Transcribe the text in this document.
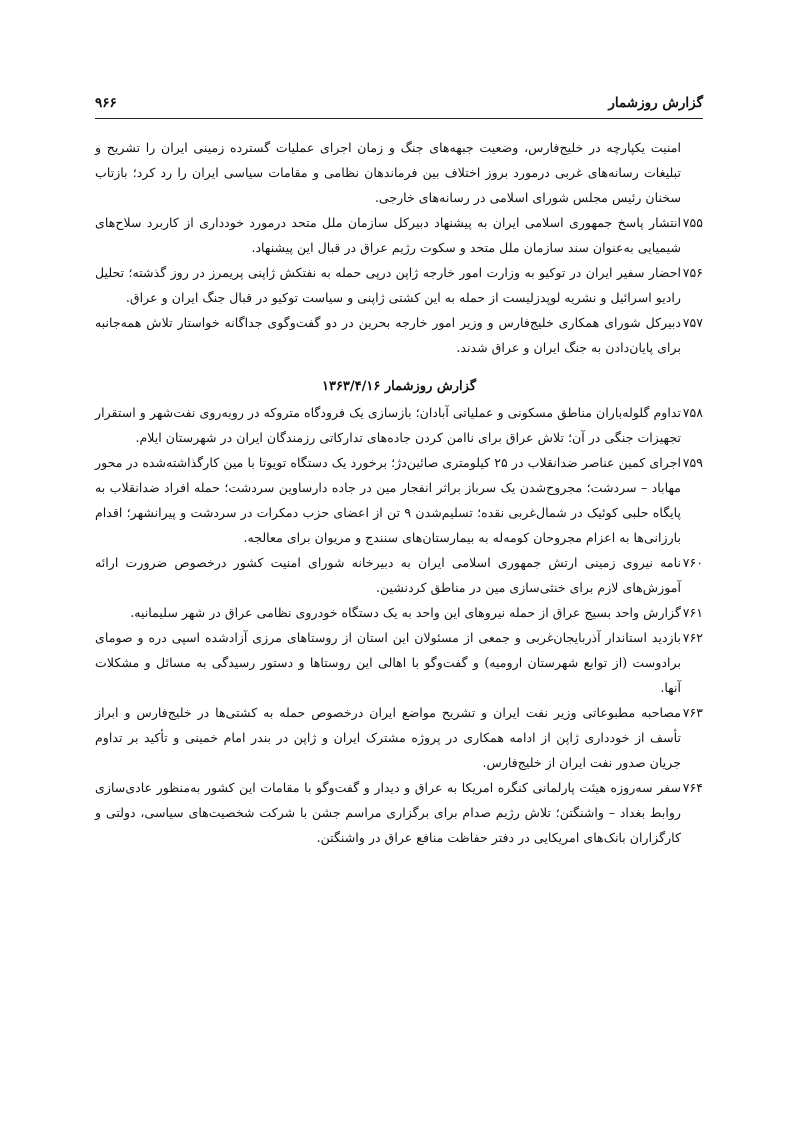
گزارش روزشمار
۹۶۶

امنیت یکپارچه در خلیج‌فارس، وضعیت جبهه‌های جنگ و زمان اجرای عملیات گسترده زمینی ایران را تشریح و تبلیغات رسانه‌های غربی درمورد بروز اختلاف بین فرماندهان نظامی و مقامات سیاسی ایران را رد کرد؛ بازتاب سخنان رئیس مجلس شورای اسلامی در رسانه‌های خارجی.

۷۵۵
انتشار پاسخ جمهوری اسلامی ایران به پیشنهاد دبیرکل سازمان ملل متحد درمورد خودداری از کاربرد سلاح‌های شیمیایی به‌عنوان سند سازمان ملل متحد و سکوت رژیم عراق در قبال این پیشنهاد.
۷۵۶
احضار سفیر ایران در توکیو به وزارت امور خارجه ژاپن درپی حمله به نفتکش ژاپنی پریمرز در روز گذشته؛ تحلیل رادیو اسرائیل و نشریه لوپدزلیست از حمله به این کشتی ژاپنی و سیاست توکیو در قبال جنگ ایران و عراق.
۷۵۷
دبیرکل شورای همکاری خلیج‌فارس و وزیر امور خارجه بحرین در دو گفت‌وگوی جداگانه خواستار تلاش همه‌جانبه برای پایان‌دادن به جنگ ایران و عراق شدند.
گزارش روزشمار ۱۳۶۳/۴/۱۶
۷۵۸
تداوم گلوله‌باران مناطق مسکونی و عملیاتی آبادان؛ بازسازی یک فرودگاه متروکه در روبه‌روی نفت‌شهر و استقرار تجهیزات جنگی در آن؛ تلاش عراق برای ناامن کردن جاده‌های تدارکاتی رزمندگان ایران در شهرستان ایلام.
۷۵۹
اجرای کمین عناصر ضدانقلاب در ۲۵ کیلومتری صائین‌دژ؛ برخورد یک دستگاه تویوتا با مین کارگذاشته‌شده در محور مهاباد – سردشت؛ مجروح‌شدن یک سرباز براثر انفجار مین در جاده دارساوین سردشت؛ حمله افراد ضدانقلاب به پایگاه حلبی کوئیک در شمال‌غربی نقده؛ تسلیم‌شدن ۹ تن از اعضای حزب دمکرات در سردشت و پیرانشهر؛ اقدام بارزانی‌ها به اعزام مجروحان کومه‌له به بیمارستان‌های سنندج و مریوان برای معالجه.
۷۶۰
نامه نیروی زمینی ارتش جمهوری اسلامی ایران به دبیرخانه شورای امنیت کشور درخصوص ضرورت ارائه آموزش‌های لازم برای خنثی‌سازی مین در مناطق کردنشین.
۷۶۱
گزارش واحد بسیج عراق از حمله نیروهای این واحد به یک دستگاه خودروی نظامی عراق در شهر سلیمانیه.
۷۶۲
بازدید استاندار آذربایجان‌غربی و جمعی از مسئولان این استان از روستاهای مرزی آزادشده اسپی دره و صومای برادوست (از توابع شهرستان ارومیه) و گفت‌وگو با اهالی این روستاها و دستور رسیدگی به مسائل و مشکلات آنها.
۷۶۳
مصاحبه مطبوعاتی وزیر نفت ایران و تشریح مواضع ایران درخصوص حمله به کشتی‌ها در خلیج‌فارس و ابراز تأسف از خودداری ژاپن از ادامه همکاری در پروژه مشترک ایران و ژاپن در بندر امام خمینی و تأکید بر تداوم جریان صدور نفت ایران از خلیج‌فارس.
۷۶۴
سفر سه‌روزه هیئت پارلمانی کنگره امریکا به عراق و دیدار و گفت‌وگو با مقامات این کشور به‌منظور عادی‌سازی روابط بغداد – واشنگتن؛ تلاش رژیم صدام برای برگزاری مراسم جشن با شرکت شخصیت‌های سیاسی، دولتی و کارگزاران بانک‌های امریکایی در دفتر حفاظت منافع عراق در واشنگتن.
